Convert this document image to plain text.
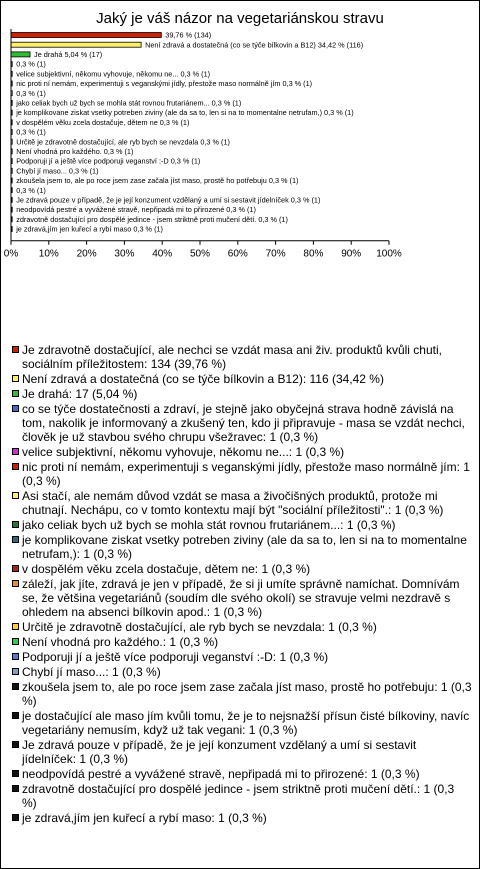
Jaký je váš názor na vegetariánskou stravu
39,76 % (134)
Není zdravá a dostatečná (co se týče bílkovin a B12) 34,42 % (116)
Je drahá 5,04 % (17)
0,3 % (1)
velice subjektivní, někomu vyhovuje, někomu ne... 0,3 % (1)
nic proti ní nemám, experimentuji s veganskými jídly, přestože maso normálně jím 0,3 % (1)
0,3 % (1)
jako celiak bych už bych se mohla stát rovnou frutariánem... 0,3 % (1)
je komplikovane ziskat vsetky potreben ziviny (ale da sa to, len si na to momentalne netrufam,) 0,3 % (1)
v dospělém věku zcela dostačuje, dětem ne 0,3 % (1)
0,3 % (1)
Určitě je zdravotně dostačující, ale ryb bych se nevzdala 0,3 % (1)
Není vhodná pro každého. 0,3 % (1)
Podporuji jí a ještě více podporuji veganství :-D 0,3 % (1)
Chybí jí maso... 0,3 % (1)
zkoušela jsem to, ale po roce jsem zase začala jíst maso, prostě ho potřebuju 0,3 % (1)
0,3 % (1)
Je zdravá pouze v případě, že je její konzument vzdělaný a umí si sestavit jídelníček 0,3 % (1)
neodpovídá pestré a vyvážené stravě, nepřipadá mi to přirozené 0,3 % (1)
zdravotně dostačující pro dospělé jedince - jsem striktně proti mučení dětí. 0,3 % (1)
je zdravá,jím jen kuřecí a rybí maso 0,3 % (1)
0% 10% 20% 30% 40% 50% 60% 70% 80% 90% 100%
Je zdravotně dostačující, ale nechci se vzdát masa ani živ. produktů kvůli chuti, sociálním příležitostem: 134 (39,76 %)
Není zdravá a dostatečná (co se týče bílkovin a B12): 116 (34,42 %)
Je drahá: 17 (5,04 %)
co se týče dostatečnosti a zdraví, je stejně jako obyčejná strava hodně závislá na tom, nakolik je informovaný a zkušený ten, kdo ji připravuje - masa se vzdát nechci, člověk je už stavbou svého chrupu všežravec: 1 (0,3 %)
velice subjektivní, někomu vyhovuje, někomu ne...: 1 (0,3 %)
nic proti ní nemám, experimentuji s veganskými jídly, přestože maso normálně jím: 1 (0,3 %)
Asi stačí, ale nemám důvod vzdát se masa a živočišných produktů, protože mi chutnají. Nechápu, co v tomto kontextu mají být "sociální příležitosti".: 1 (0,3 %)
jako celiak bych už bych se mohla stát rovnou frutariánem...: 1 (0,3 %)
je komplikovane ziskat vsetky potreben ziviny (ale da sa to, len si na to momentalne netrufam,): 1 (0,3 %)
v dospělém věku zcela dostačuje, dětem ne: 1 (0,3 %)
záleží, jak jíte, zdravá je jen v případě, že si ji umíte správně namíchat. Domnívám se, že většina vegetariánů (soudím dle svého okolí) se stravuje velmi nezdravě s ohledem na absenci bílkovin apod.: 1 (0,3 %)
Určitě je zdravotně dostačující, ale ryb bych se nevzdala: 1 (0,3 %)
Není vhodná pro každého.: 1 (0,3 %)
Podporuji jí a ještě více podporuji veganství :-D: 1 (0,3 %)
Chybí jí maso...: 1 (0,3 %)
zkoušela jsem to, ale po roce jsem zase začala jíst maso, prostě ho potřebuju: 1 (0,3 %)
je dostačující ale maso jím kvůli tomu, že je to nejsnažší přísun čisté bílkoviny, navíc vegetariány nemusím, když už tak vegani: 1 (0,3 %)
Je zdravá pouze v případě, že je její konzument vzdělaný a umí si sestavit jídelníček: 1 (0,3 %)
neodpovídá pestré a vyvážené stravě, nepřipadá mi to přirozené: 1 (0,3 %)
zdravotně dostačující pro dospělé jedince - jsem striktně proti mučení dětí.: 1 (0,3 %)
je zdravá,jím jen kuřecí a rybí maso: 1 (0,3 %)
